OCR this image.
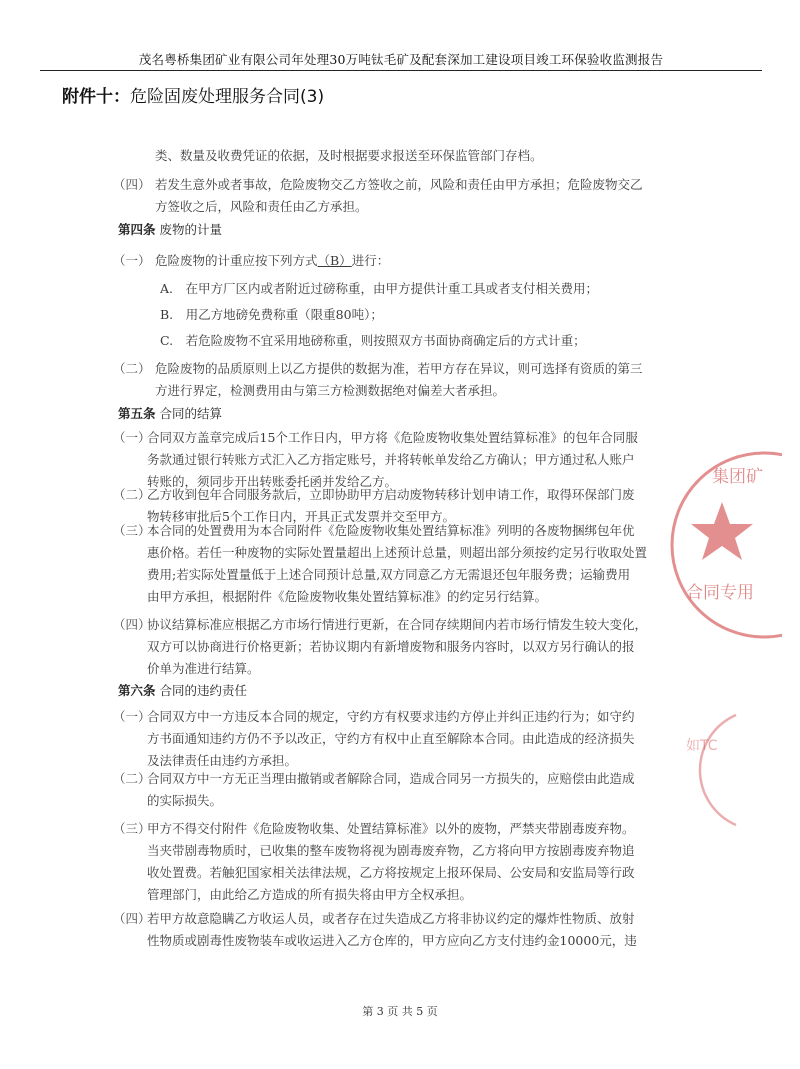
茂名粤桥集团矿业有限公司年处理30万吨钛毛矿及配套深加工建设项目竣工环保验收监测报告
附件十：危险固废处理服务合同(3)
类、数量及收费凭证的依据，及时根据要求报送至环保监管部门存档。
（四） 若发生意外或者事故，危险废物交乙方签收之前，风险和责任由甲方承担；危险废物交乙
方签收之后，风险和责任由乙方承担。
第四条 废物的计量
（一） 危险废物的计重应按下列方式（B）进行：
A.　在甲方厂区内或者附近过磅称重，由甲方提供计重工具或者支付相关费用；
B.　用乙方地磅免费称重（限重80吨）；
C.　若危险废物不宜采用地磅称重，则按照双方书面协商确定后的方式计重；
（二） 危险废物的品质原则上以乙方提供的数据为准，若甲方存在异议，则可选择有资质的第三
方进行界定，检测费用由与第三方检测数据绝对偏差大者承担。
第五条 合同的结算
（一）
合同双方盖章完成后15个工作日内，甲方将《危险废物收集处置结算标准》的包年合同服
务款通过银行转账方式汇入乙方指定账号，并将转帐单发给乙方确认；甲方通过私人账户
转账的，须同步开出转账委托函并发给乙方。
（二）
乙方收到包年合同服务款后，立即协助甲方启动废物转移计划申请工作，取得环保部门废
物转移审批后5个工作日内，开具正式发票并交至甲方。
（三）
本合同的处置费用为本合同附件《危险废物收集处置结算标准》列明的各废物捆绑包年优
惠价格。若任一种废物的实际处置量超出上述预计总量，则超出部分须按约定另行收取处置
费用;若实际处置量低于上述合同预计总量,双方同意乙方无需退还包年服务费；运输费用
由甲方承担，根据附件《危险废物收集处置结算标准》的约定另行结算。
（四）
协议结算标准应根据乙方市场行情进行更新，在合同存续期间内若市场行情发生较大变化，
双方可以协商进行价格更新；若协议期内有新增废物和服务内容时，以双方另行确认的报
价单为准进行结算。
第六条 合同的违约责任
（一）
合同双方中一方违反本合同的规定，守约方有权要求违约方停止并纠正违约行为；如守约
方书面通知违约方仍不予以改正，守约方有权中止直至解除本合同。由此造成的经济损失
及法律责任由违约方承担。
（二）
合同双方中一方无正当理由撤销或者解除合同，造成合同另一方损失的，应赔偿由此造成
的实际损失。
（三）
甲方不得交付附件《危险废物收集、处置结算标准》以外的废物，严禁夹带剧毒废弃物。
当夹带剧毒物质时，已收集的整车废物将视为剧毒废弃物，乙方将向甲方按剧毒废弃物追
收处置费。若触犯国家相关法律法规，乙方将按规定上报环保局、公安局和安监局等行政
管理部门，由此给乙方造成的所有损失将由甲方全权承担。
（四）
若甲方故意隐瞒乙方收运人员，或者存在过失造成乙方将非协议约定的爆炸性物质、放射
性物质或剧毒性废物装车或收运进入乙方仓库的，甲方应向乙方支付违约金10000元，违
集团矿
合同专用
如TC
第 3 页 共 5 页
